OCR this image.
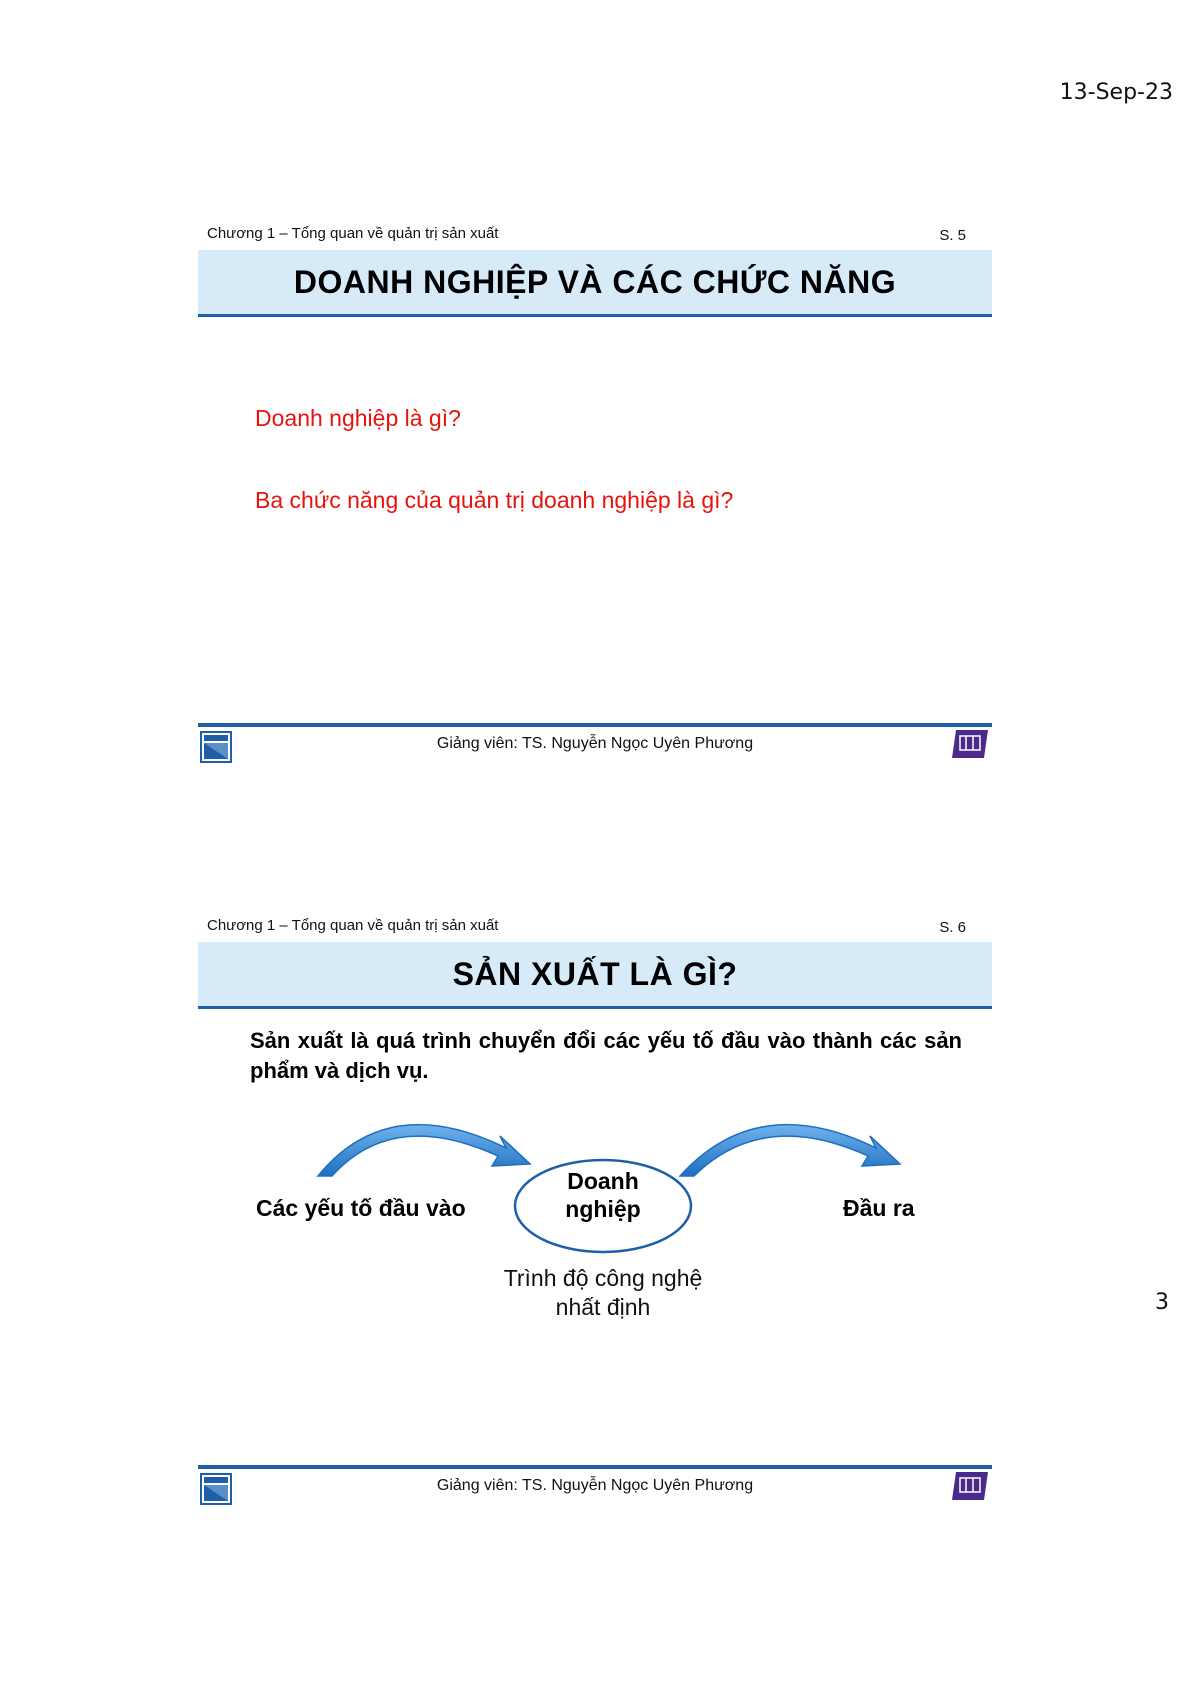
13-Sep-23
Chương 1 – Tổng quan về quản trị sản xuất	S. 5
DOANH NGHIỆP VÀ CÁC CHỨC NĂNG
Doanh nghiệp là gì?
Ba chức năng của quản trị doanh nghiệp là gì?
Giảng viên: TS. Nguyễn Ngọc Uyên Phương
Chương 1 – Tổng quan về quản trị sản xuất	S. 6
SẢN XUẤT LÀ GÌ?
Sản xuất là quá trình chuyển đổi các yếu tố đầu vào thành các sản phẩm và dịch vụ.
Các yếu tố đầu vào
Doanh
nghiệp	Đầu ra
Trình độ công nghệ
nhất định
Giảng viên: TS. Nguyễn Ngọc Uyên Phương
3
